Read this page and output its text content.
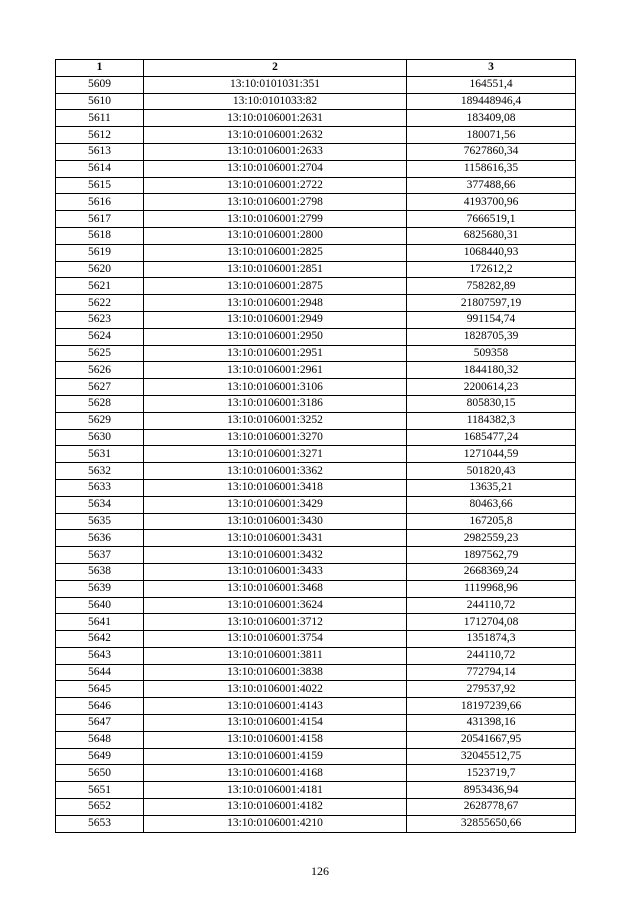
1	2	3
5609	13:10:0101031:351	164551,4
5610	13:10:0101033:82	189448946,4
5611	13:10:0106001:2631	183409,08
5612	13:10:0106001:2632	180071,56
5613	13:10:0106001:2633	7627860,34
5614	13:10:0106001:2704	1158616,35
5615	13:10:0106001:2722	377488,66
5616	13:10:0106001:2798	4193700,96
5617	13:10:0106001:2799	7666519,1
5618	13:10:0106001:2800	6825680,31
5619	13:10:0106001:2825	1068440,93
5620	13:10:0106001:2851	172612,2
5621	13:10:0106001:2875	758282,89
5622	13:10:0106001:2948	21807597,19
5623	13:10:0106001:2949	991154,74
5624	13:10:0106001:2950	1828705,39
5625	13:10:0106001:2951	509358
5626	13:10:0106001:2961	1844180,32
5627	13:10:0106001:3106	2200614,23
5628	13:10:0106001:3186	805830,15
5629	13:10:0106001:3252	1184382,3
5630	13:10:0106001:3270	1685477,24
5631	13:10:0106001:3271	1271044,59
5632	13:10:0106001:3362	501820,43
5633	13:10:0106001:3418	13635,21
5634	13:10:0106001:3429	80463,66
5635	13:10:0106001:3430	167205,8
5636	13:10:0106001:3431	2982559,23
5637	13:10:0106001:3432	1897562,79
5638	13:10:0106001:3433	2668369,24
5639	13:10:0106001:3468	1119968,96
5640	13:10:0106001:3624	244110,72
5641	13:10:0106001:3712	1712704,08
5642	13:10:0106001:3754	1351874,3
5643	13:10:0106001:3811	244110,72
5644	13:10:0106001:3838	772794,14
5645	13:10:0106001:4022	279537,92
5646	13:10:0106001:4143	18197239,66
5647	13:10:0106001:4154	431398,16
5648	13:10:0106001:4158	20541667,95
5649	13:10:0106001:4159	32045512,75
5650	13:10:0106001:4168	1523719,7
5651	13:10:0106001:4181	8953436,94
5652	13:10:0106001:4182	2628778,67
5653	13:10:0106001:4210	32855650,66
126
